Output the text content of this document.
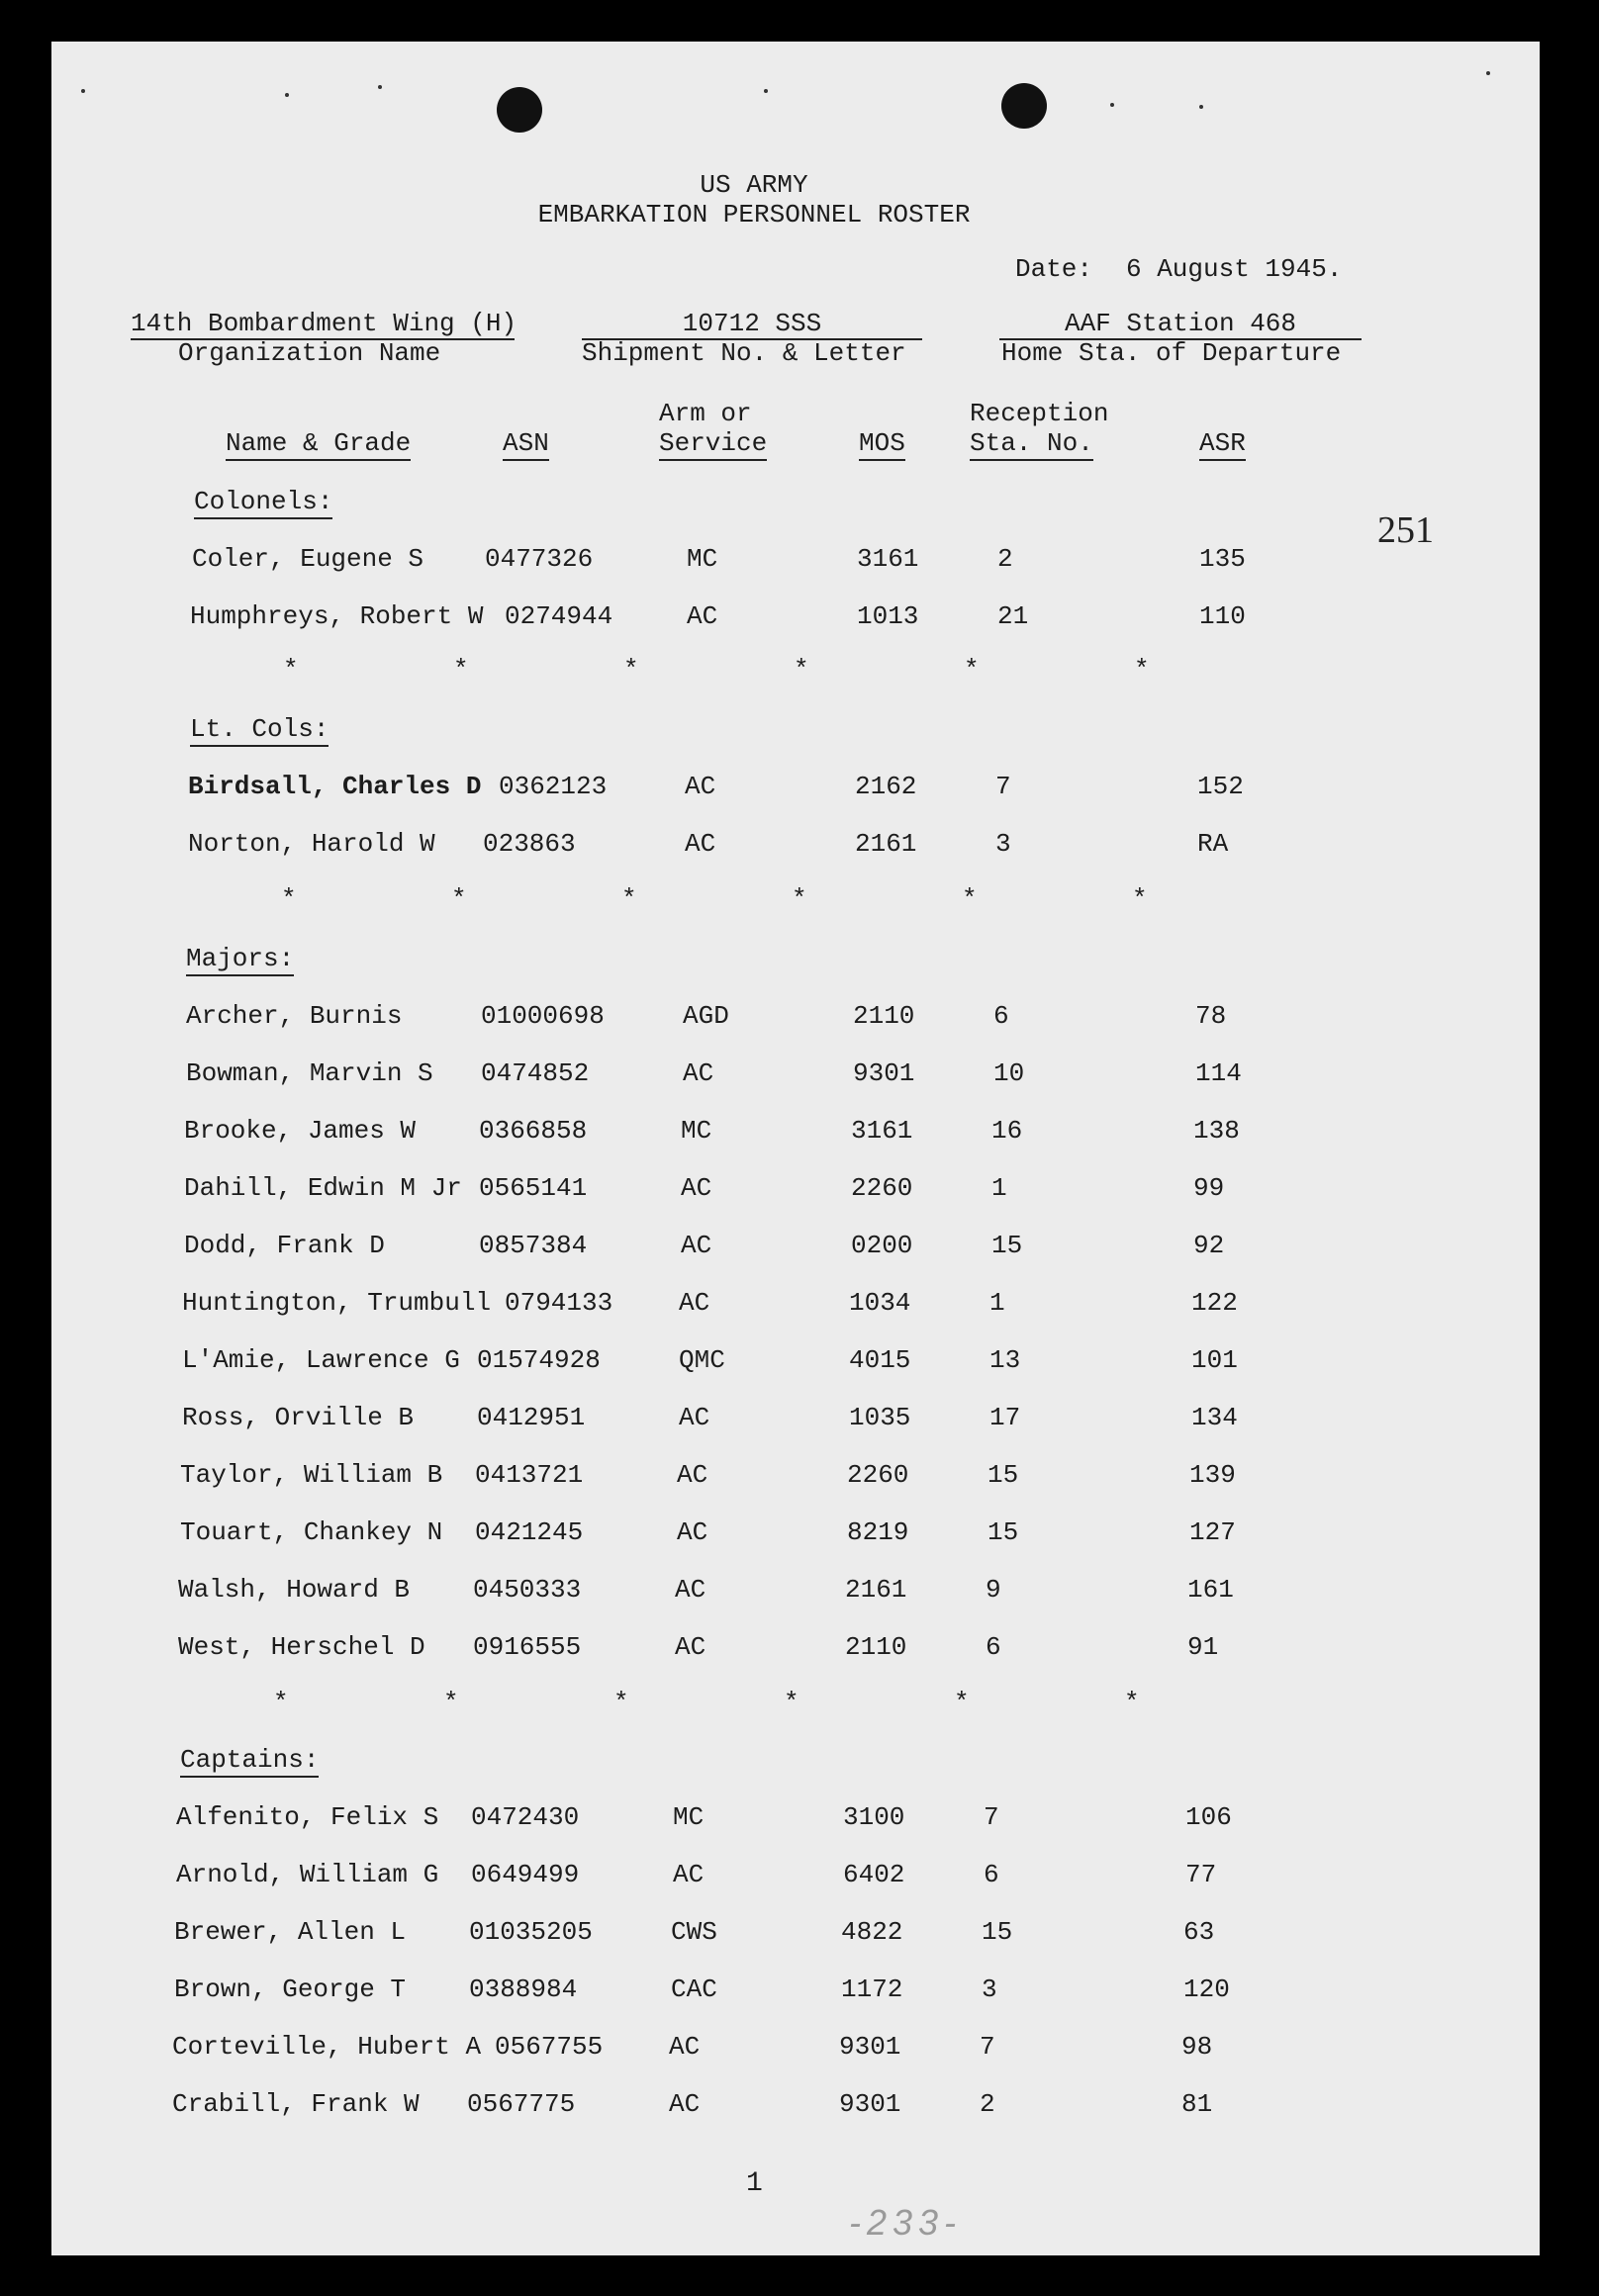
US ARMY
EMBARKATION PERSONNEL ROSTER
Date: 6 August 1945.
14th Bombardment Wing (H)
Organization Name
10712 SSS
Shipment No. & Letter
AAF Station 468
Home Sta. of Departure
Name & Grade	ASN
Arm or
Service	MOS
Reception
Sta. No.	ASR
251
Colonels:
Coler, Eugene S 0477326	MC	3161	2	135
Humphreys, Robert W 0274944	AC	1013	21	110
*	*	*	*	*	*
Lt. Cols:
Birdsall, Charles D 0362123	AC	2162	7	152
Norton, Harold W 023863	AC	2161	3	RA
*	*	*	*	*	*
Majors:
Archer, Burnis	01000698	AGD	2110	6	78
Bowman, Marvin S 0474852	AC	9301	10	114
Brooke, James W 0366858	MC	3161	16	138
Dahill, Edwin M Jr 0565141	AC	2260	1	99
Dodd, Frank D	0857384	AC	0200	15	92
Huntington, Trumbull 0794133	AC	1034	1	122
L'Amie, Lawrence G 01574928	QMC	4015	13	101
Ross, Orville B 0412951	AC	1035	17	134
Taylor, William B 0413721	AC	2260	15	139
Touart, Chankey N 0421245	AC	8219	15	127
Walsh, Howard B 0450333	AC	2161	9	161
West, Herschel D 0916555	AC	2110	6	91
*	*	*	*	*	*
Captains:
Alfenito, Felix S 0472430	MC	3100	7	106
Arnold, William G 0649499	AC	6402	6	77
Brewer, Allen L 01035205	CWS	4822	15	63
Brown, George T 0388984	CAC	1172	3	120
Corteville, Hubert A 0567755	AC	9301	7	98
Crabill, Frank W 0567775	AC	9301	2	81
1
-233-
